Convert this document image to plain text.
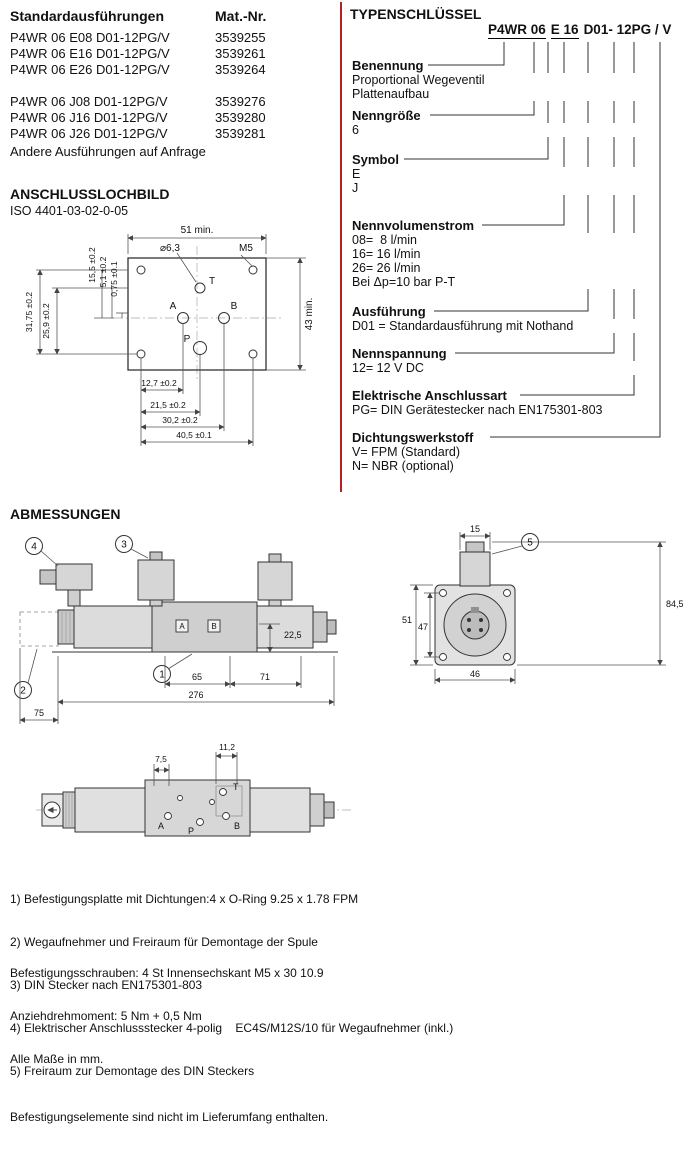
Standardausführungen	Mat.-Nr.
P4WR 06 E08 D01-12PG/V	3539255
P4WR 06 E16 D01-12PG/V	3539261
P4WR 06 E26 D01-12PG/V	3539264
P4WR 06 J08 D01-12PG/V	3539276
P4WR 06 J16 D01-12PG/V	3539280
P4WR 06 J26 D01-12PG/V	3539281
Andere Ausführungen auf Anfrage
ANSCHLUSSLOCHBILD
ISO 4401-03-02-0-05
51 min.
⌀6,3	M5
15,5 ±0.2 5,1 ±0.2 0,75 ±0.1
31,75 ±0.2 25,9 ±0.2	43 min.
12,7 ±0.2
21,5 ±0.2
30,2 ±0.2
40,5 ±0.1
T
A	B
P
TYPENSCHLÜSSEL
P4WR 06 E 16 D01- 12PG / V
Benennung
Proportional Wegeventil
Plattenaufbau
Nenngröße
6
Symbol
E
J
Nennvolumenstrom
08=  8 l/min
16= 16 l/min
26= 26 l/min
Bei Δp=10 bar P-T
Ausführung
D01 = Standardausführung mit Nothand
Nennspannung
12= 12 V DC
Elektrische Anschlussart
PG= DIN Gerätestecker nach EN175301-803
Dichtungswerkstoff
V= FPM (Standard)
N= NBR (optional)
ABMESSUNGEN
A	B
4	3
1
2
22,5
65	71
276
75
15
5
84,5
51
47
46
11,2
7,5
T
A	P	B

1) Befestigungsplatte mit Dichtungen:4 x O-Ring 9.25 x 1.78 FPM

2) Wegaufnehmer und Freiraum für Demontage der Spule

3) DIN Stecker nach EN175301-803

4) Elektrischer Anschlussstecker 4-polig    EC4S/M12S/10 für Wegaufnehmer (inkl.)

5) Freiraum zur Demontage des DIN Steckers

Befestigungsschrauben: 4 St Innensechskant M5 x 30 10.9

Anziehdrehmoment: 5 Nm + 0,5 Nm

Alle Maße in mm.

Befestigungselemente sind nicht im Lieferumfang enthalten.
